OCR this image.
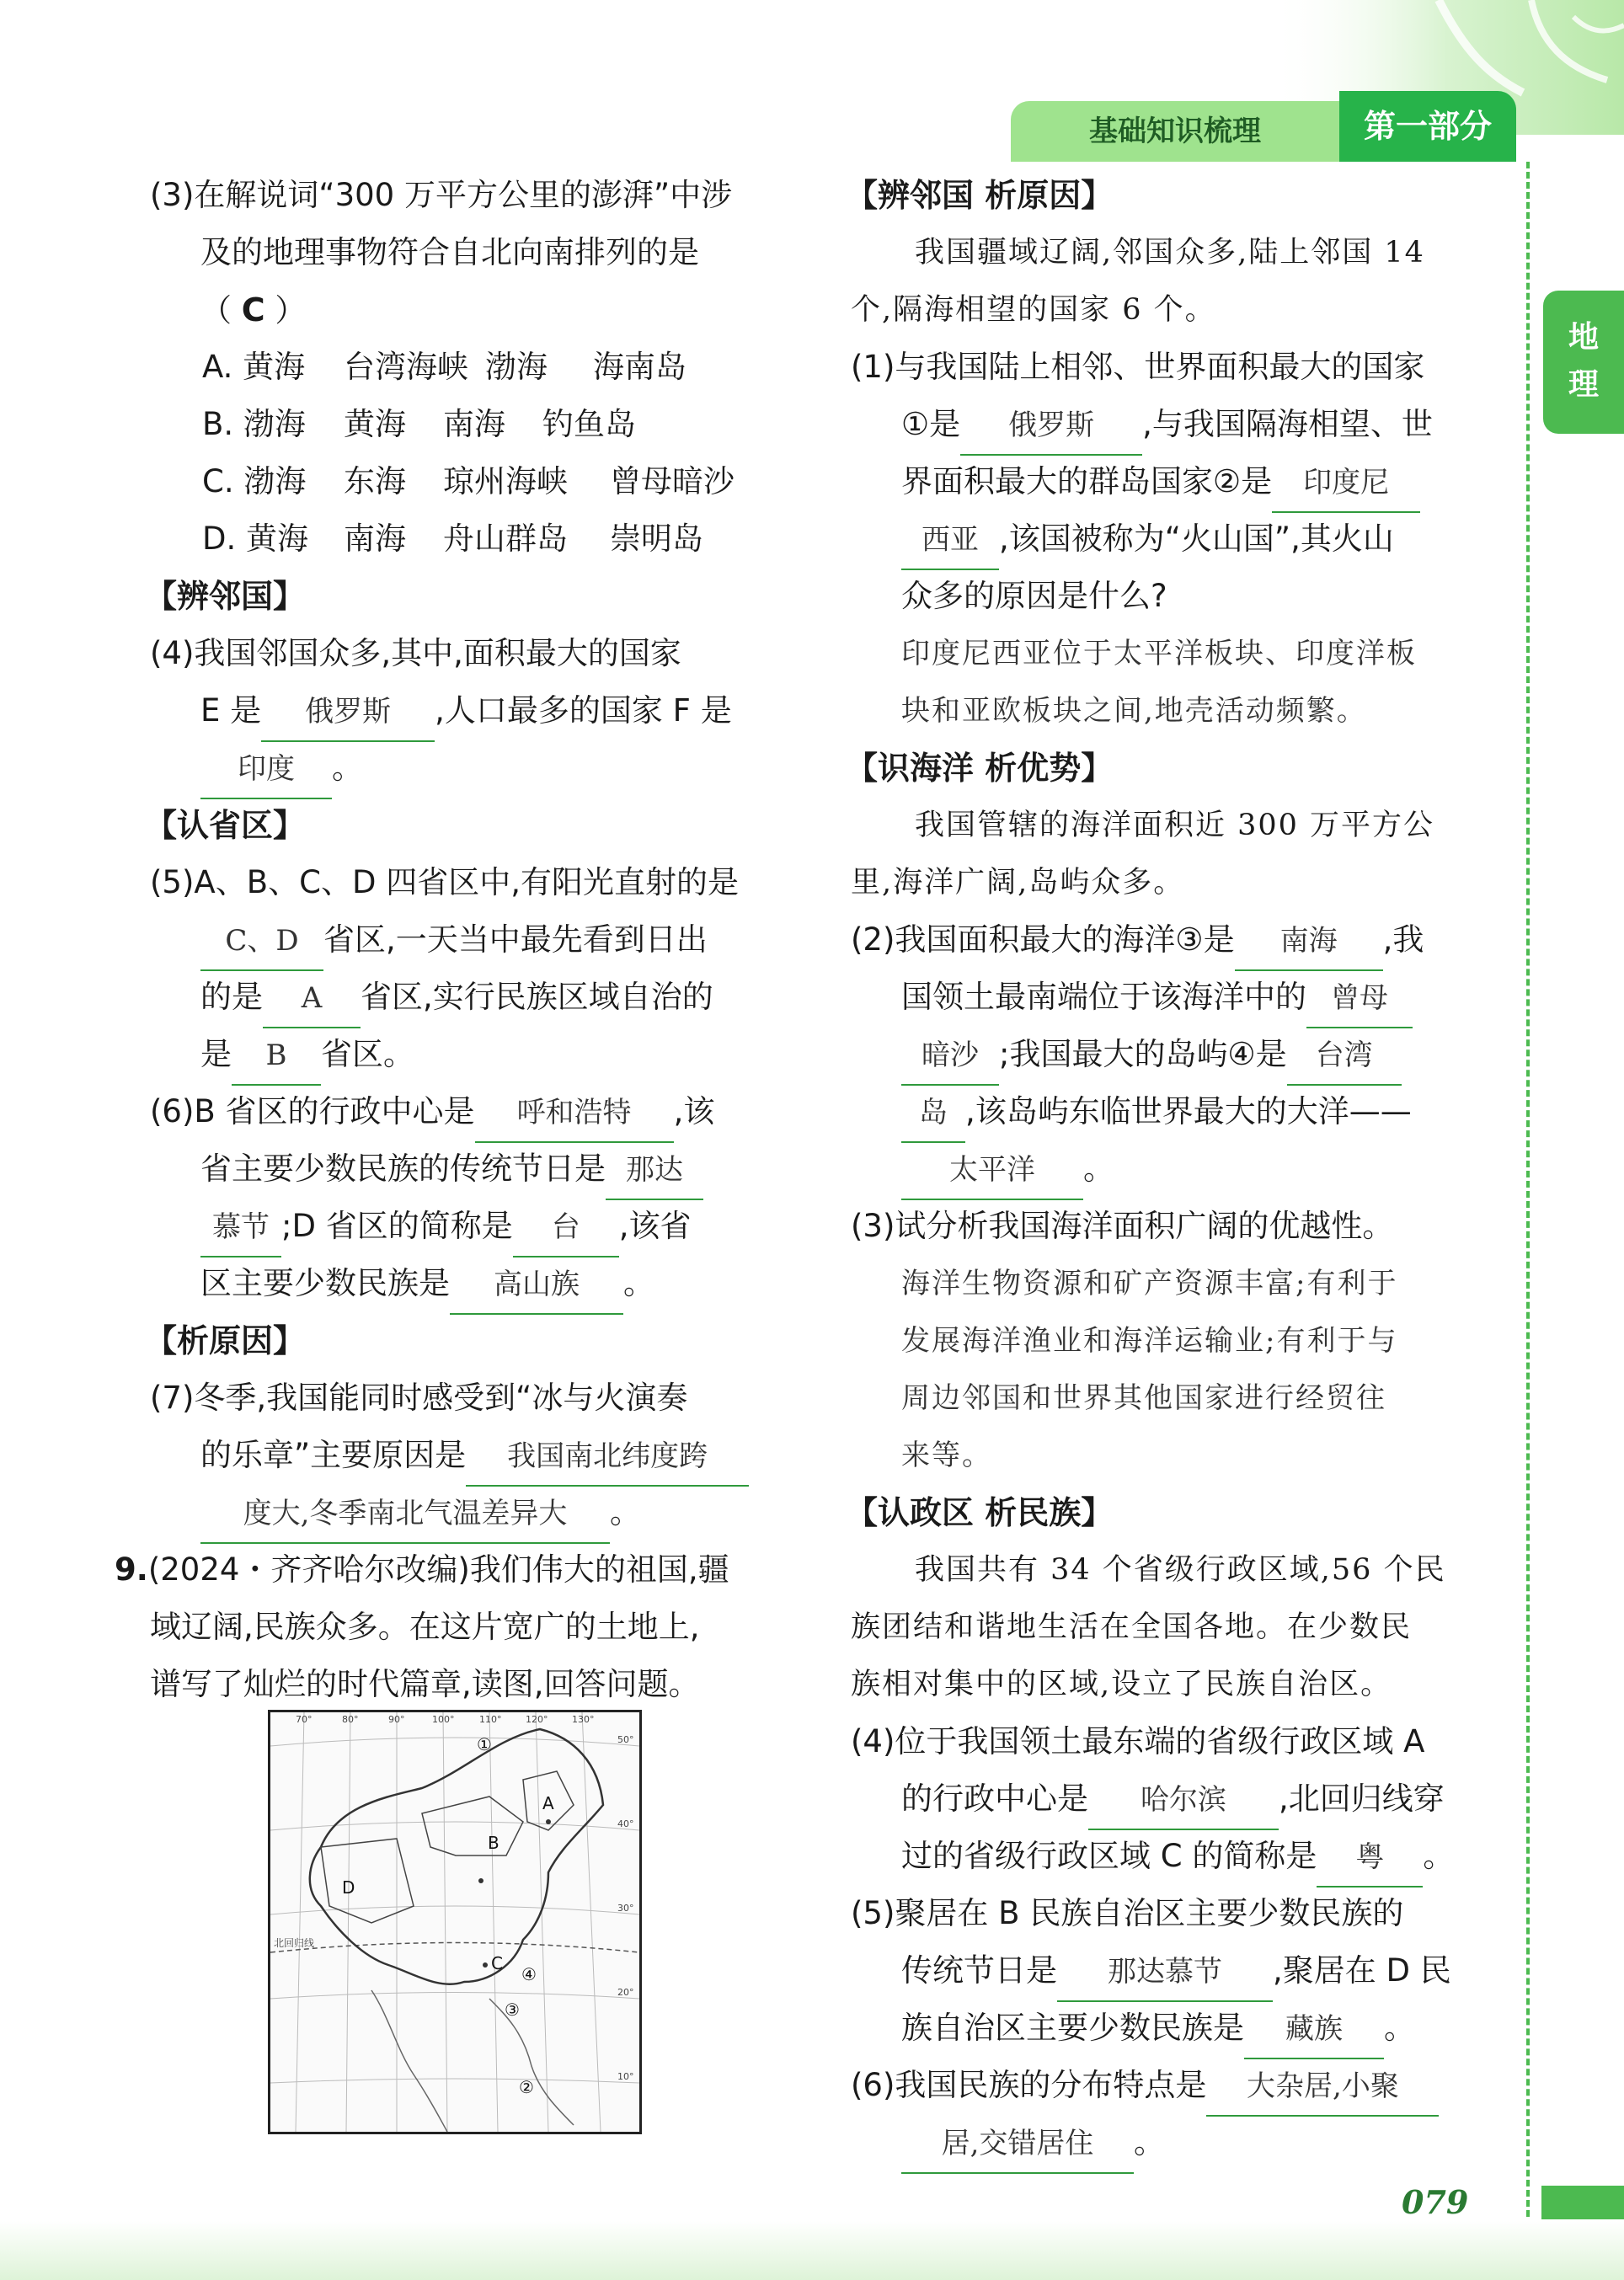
基础知识梳理	第一部分
地
理
(3)在解说词“300 万平方公里的澎湃”中涉
及的地理事物符合自北向南排列的是
（ C ）
A. 黄海 台湾海峡 渤海 海南岛
B. 渤海 黄海 南海 钓鱼岛
C. 渤海 东海 琼州海峡 曾母暗沙
D. 黄海 南海 舟山群岛 崇明岛
【辨邻国】
(4)我国邻国众多,其中,面积最大的国家
E 是 俄罗斯 ,人口最多的国家 F 是
印度 。
【认省区】
(5)A、B、C、D 四省区中,有阳光直射的是
C、D 省区,一天当中最先看到日出
的是 A 省区,实行民族区域自治的
是 B 省区。
(6)B 省区的行政中心是 呼和浩特 ,该
省主要少数民族的传统节日是 那达
慕节 ;D 省区的简称是 台 ,该省
区主要少数民族是 高山族 。
【析原因】
(7)冬季,我国能同时感受到“冰与火演奏
的乐章”主要原因是 我国南北纬度跨
度大,冬季南北气温差异大 。
9.(2024・齐齐哈尔改编)我们伟大的祖国,疆
域辽阔,民族众多。在这片宽广的土地上,
谱写了灿烂的时代篇章,读图,回答问题。
70°	80°	90°	100°	110°	120°	130°
50°
40°
30°
20°
10°
北回归线
A
B
C
D
①
③
④
②
【辨邻国 析原因】
我国疆域辽阔,邻国众多,陆上邻国 14
个,隔海相望的国家 6 个。
(1)与我国陆上相邻、世界面积最大的国家
①是 俄罗斯 ,与我国隔海相望、世
界面积最大的群岛国家②是 印度尼
西亚 ,该国被称为“火山国”,其火山
众多的原因是什么?
印度尼西亚位于太平洋板块、印度洋板
块和亚欧板块之间,地壳活动频繁。
【识海洋 析优势】
我国管辖的海洋面积近 300 万平方公
里,海洋广阔,岛屿众多。
(2)我国面积最大的海洋③是 南海 ,我
国领土最南端位于该海洋中的 曾母
暗沙 ;我国最大的岛屿④是 台湾
岛 ,该岛屿东临世界最大的大洋——
太平洋 。
(3)试分析我国海洋面积广阔的优越性。
海洋生物资源和矿产资源丰富;有利于
发展海洋渔业和海洋运输业;有利于与
周边邻国和世界其他国家进行经贸往
来等。
【认政区 析民族】
我国共有 34 个省级行政区域,56 个民
族团结和谐地生活在全国各地。在少数民
族相对集中的区域,设立了民族自治区。
(4)位于我国领土最东端的省级行政区域 A
的行政中心是 哈尔滨 ,北回归线穿
过的省级行政区域 C 的简称是 粤 。
(5)聚居在 B 民族自治区主要少数民族的
传统节日是 那达慕节 ,聚居在 D 民
族自治区主要少数民族是 藏族 。
(6)我国民族的分布特点是 大杂居,小聚
居,交错居住 。
079
